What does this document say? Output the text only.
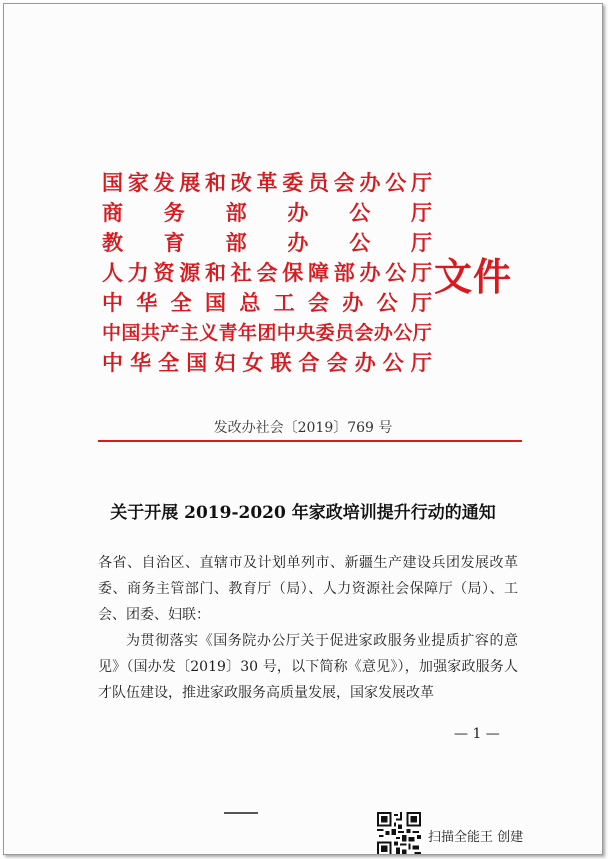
国 家 发 展 和 改 革 委 员 会 办 公 厅
商 务 部 办 公 厅
教 育 部 办 公 厅
人 力 资 源 和 社 会 保 障 部 办 公 厅
中 华 全 国 总 工 会 办 公 厅
中 国 共 产 主 义 青 年 团 中 央 委 员 会 办 公 厅
中 华 全 国 妇 女 联 合 会 办 公 厅
文件
发改办社会〔2019〕769 号
关于开展 2019-2020 年家政培训提升行动的通知

各省、自治区、直辖市及计划单列市、新疆生产建设兵团发展改革委、商务主管部门、教育厅（局）、人力资源社会保障厅（局）、工会、团委、妇联：

为贯彻落实《国务院办公厅关于促进家政服务业提质扩容的意见》（国办发〔2019〕30 号，以下简称《意见》），加强家政服务人才队伍建设，推进家政服务高质量发展，国家发展改革

— 1 —
扫描全能王 创建
